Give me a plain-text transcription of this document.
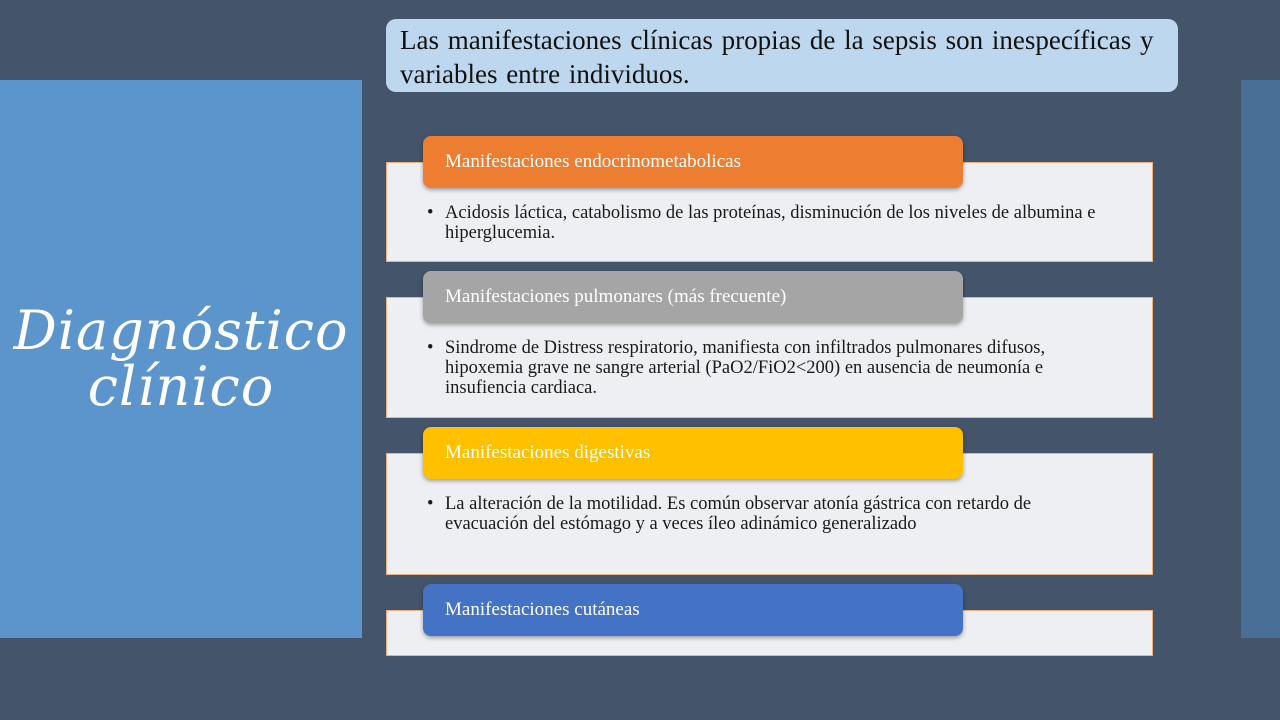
Diagnóstico clínico
Las manifestaciones clínicas propias de la sepsis son inespecíficas y variables entre individuos.
• Acidosis láctica, catabolismo de las proteínas, disminución de los niveles de albumina e hiperglucemia.
Manifestaciones endocrinometabolicas
• Sindrome de Distress respiratorio, manifiesta con infiltrados pulmonares difusos, hipoxemia grave ne sangre arterial (PaO2/FiO2<200) en ausencia de neumonía e insufiencia cardiaca.
Manifestaciones pulmonares (más frecuente)
• La alteración de la motilidad. Es común observar atonía gástrica con retardo de evacuación del estómago y a veces íleo adinámico generalizado
Manifestaciones digestivas
Manifestaciones cutáneas
